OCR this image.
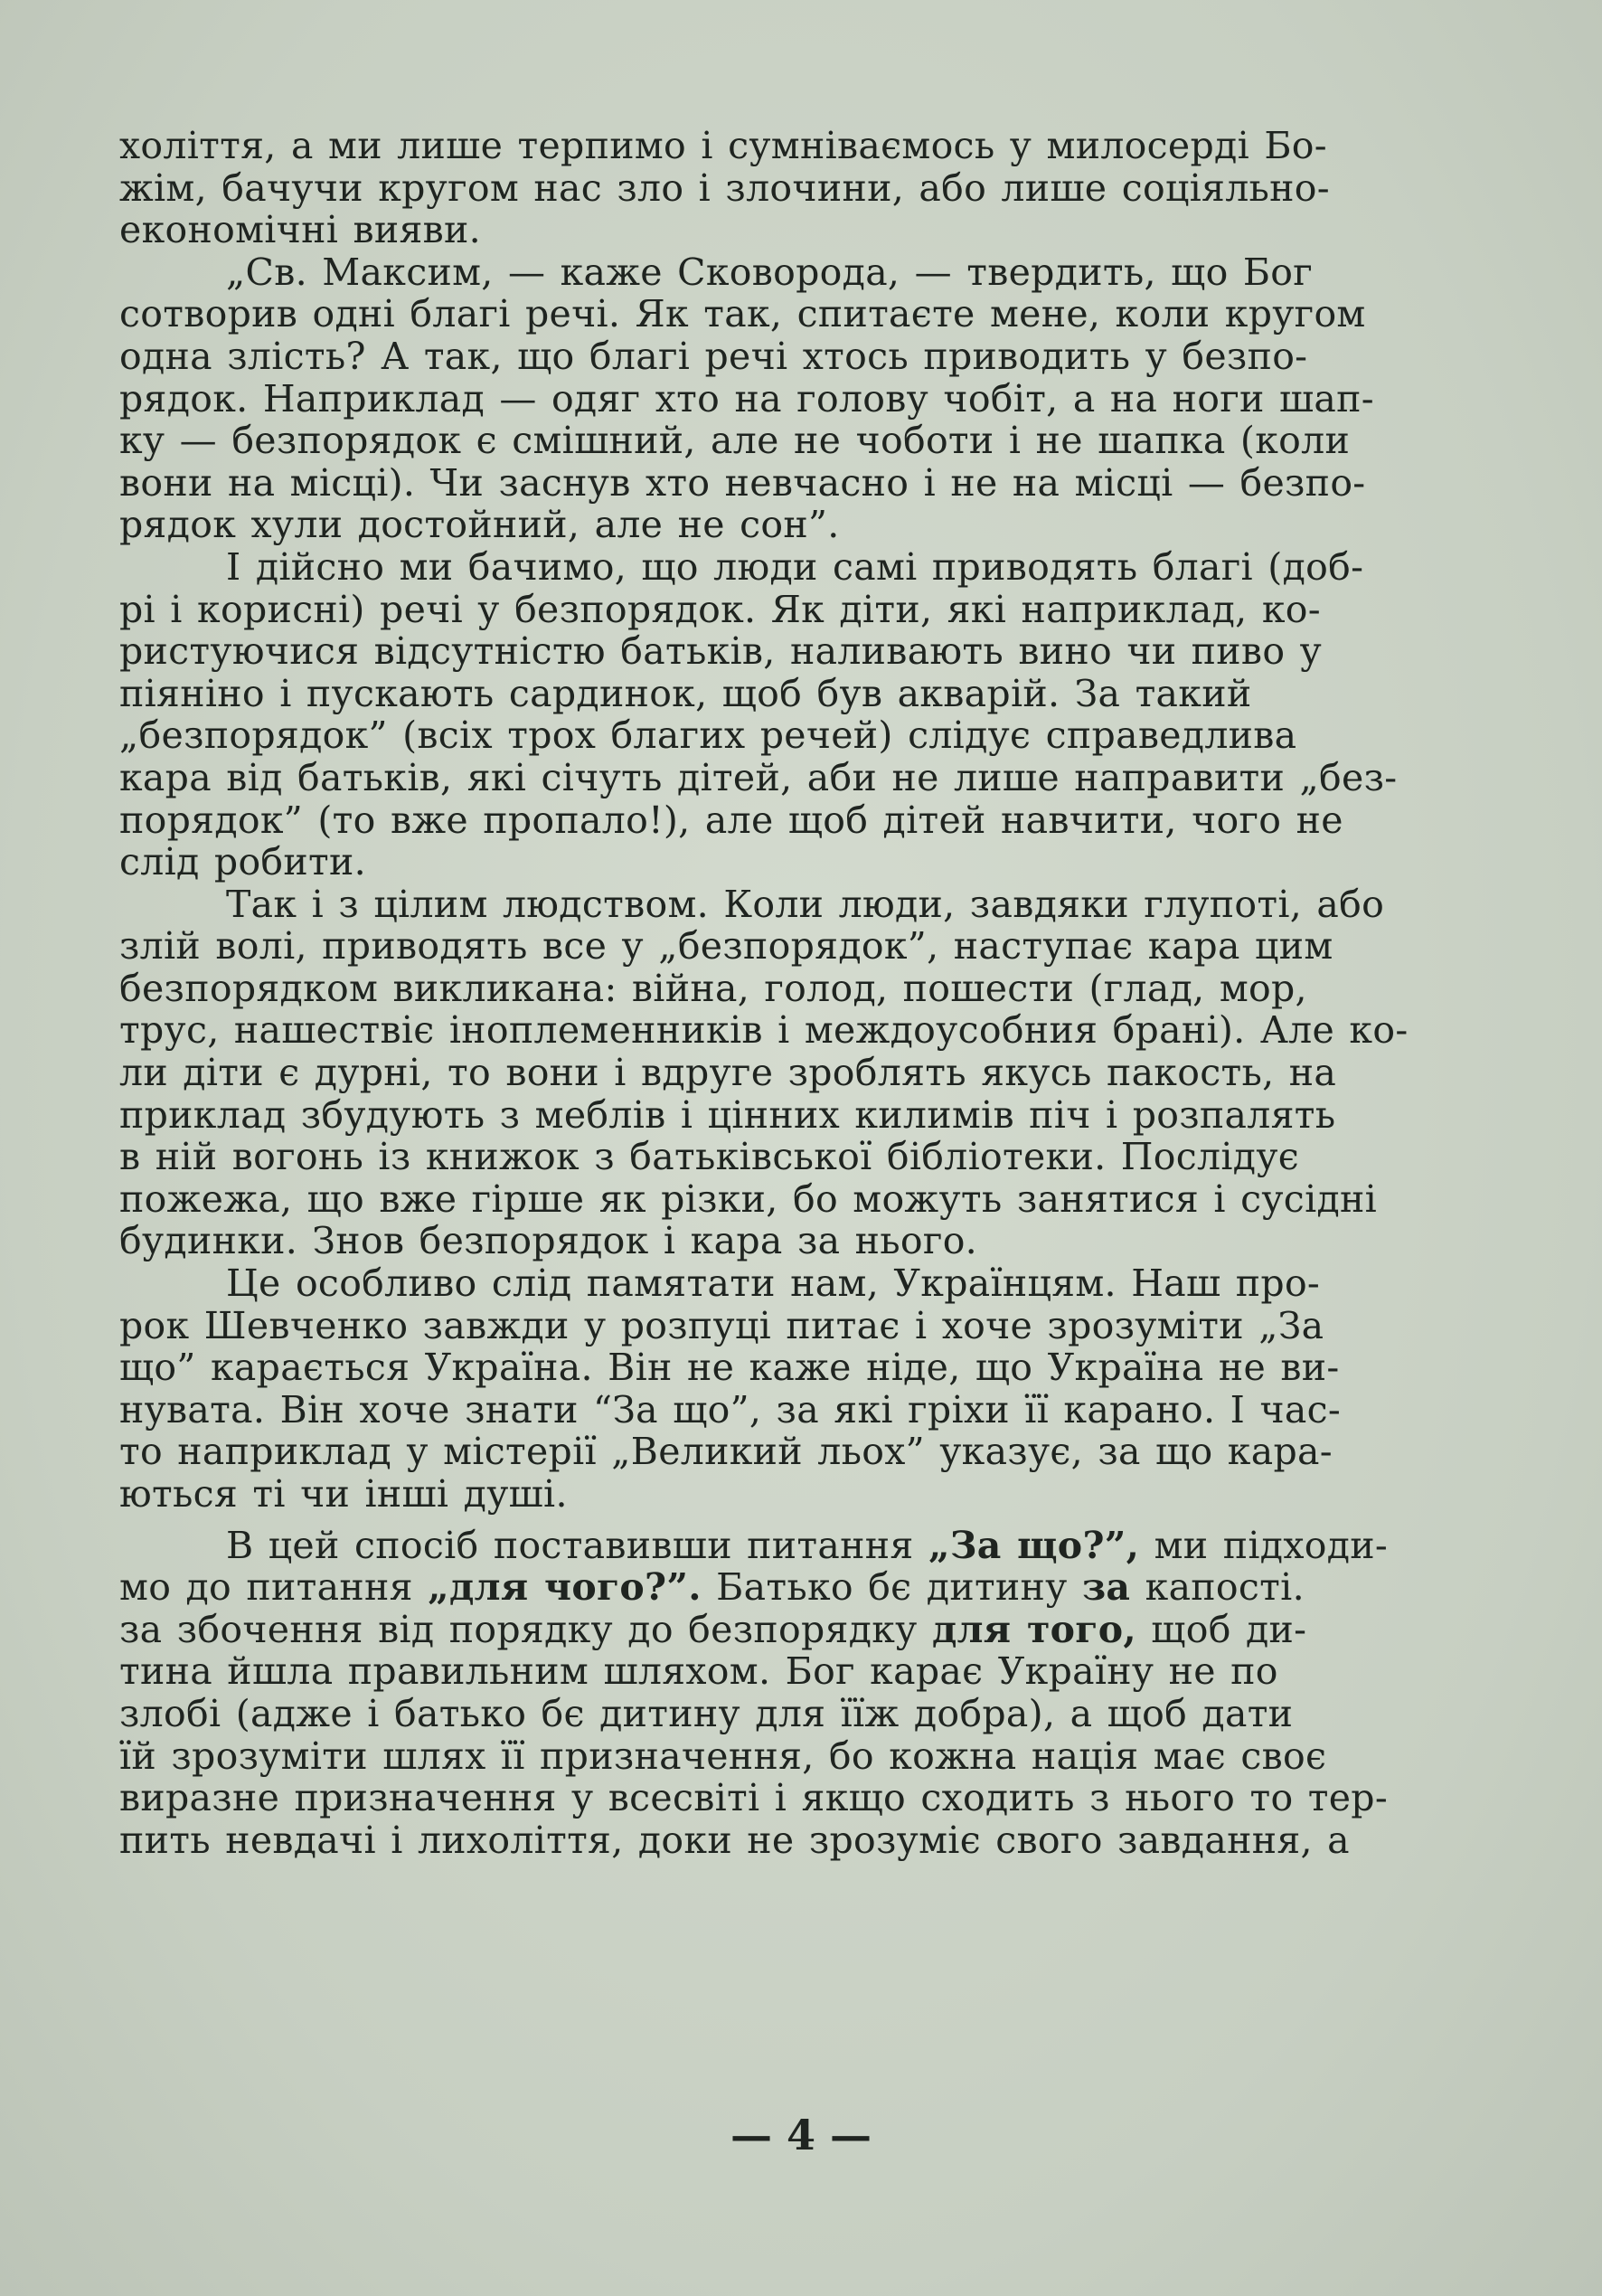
холіття, а ми лише терпимо і сумніваємось у милосерді Бо-
жім, бачучи кругом нас зло і злочини, або лише соціяльно-
економічні вияви.
„Св. Максим, — каже Сковорода, — твердить, що Бог
сотворив одні благі речі. Як так, спитаєте мене, коли кругом
одна злість? А так, що благі речі хтось приводить у безпо-
рядок. Наприклад — одяг хто на голову чобіт, а на ноги шап-
ку — безпорядок є смішний, але не чоботи і не шапка (коли
вони на місці). Чи заснув хто невчасно і не на місці — безпо-
рядок хули достойний, але не сон”.
І дійсно ми бачимо, що люди самі приводять благі (доб-
рі і корисні) речі у безпорядок. Як діти, які наприклад, ко-
ристуючися відсутністю батьків, наливають вино чи пиво у
піяніно і пускають сардинок, щоб був акварій. За такий
„безпорядок” (всіх трох благих речей) слідує справедлива
кара від батьків, які січуть дітей, аби не лише направити „без-
порядок” (то вже пропало!), але щоб дітей навчити, чого не
слід робити.
Так і з цілим людством. Коли люди, завдяки глупоті, або
злій волі, приводять все у „безпорядок”, наступає кара цим
безпорядком викликана: війна, голод, пошести (глад, мор,
трус, нашествіє іноплеменників і междоусобния брані). Але ко-
ли діти є дурні, то вони і вдруге зроблять якусь пакость, на
приклад збудують з меблів і цінних килимів піч і розпалять
в ній вогонь із книжок з батьківської бібліотеки. Послідує
пожежа, що вже гірше як різки, бо можуть занятися і сусідні
будинки. Знов безпорядок і кара за нього.
Це особливо слід памятати нам, Українцям. Наш про-
рок Шевченко завжди у розпуці питає і хоче зрозуміти „За
що” карається Україна. Він не каже ніде, що Україна не ви-
нувата. Він хоче знати “За що”, за які гріхи її карано. І час-
то наприклад у містерії „Великий льох” указує, за що кара-
ються ті чи інші душі.
В цей спосіб поставивши питання „За що?”, ми підходи-
мо до питання „для чого?”. Батько бє дитину за капості.
за збочення від порядку до безпорядку для того, щоб ди-
тина йшла правильним шляхом. Бог карає Україну не по
злобі (адже і батько бє дитину для їїж добра), а щоб дати
їй зрозуміти шлях її призначення, бо кожна нація має своє
виразне призначення у всесвіті і якщо сходить з нього то тер-
пить невдачі і лихоліття, доки не зрозуміє свого завдання, а
— 4 —
